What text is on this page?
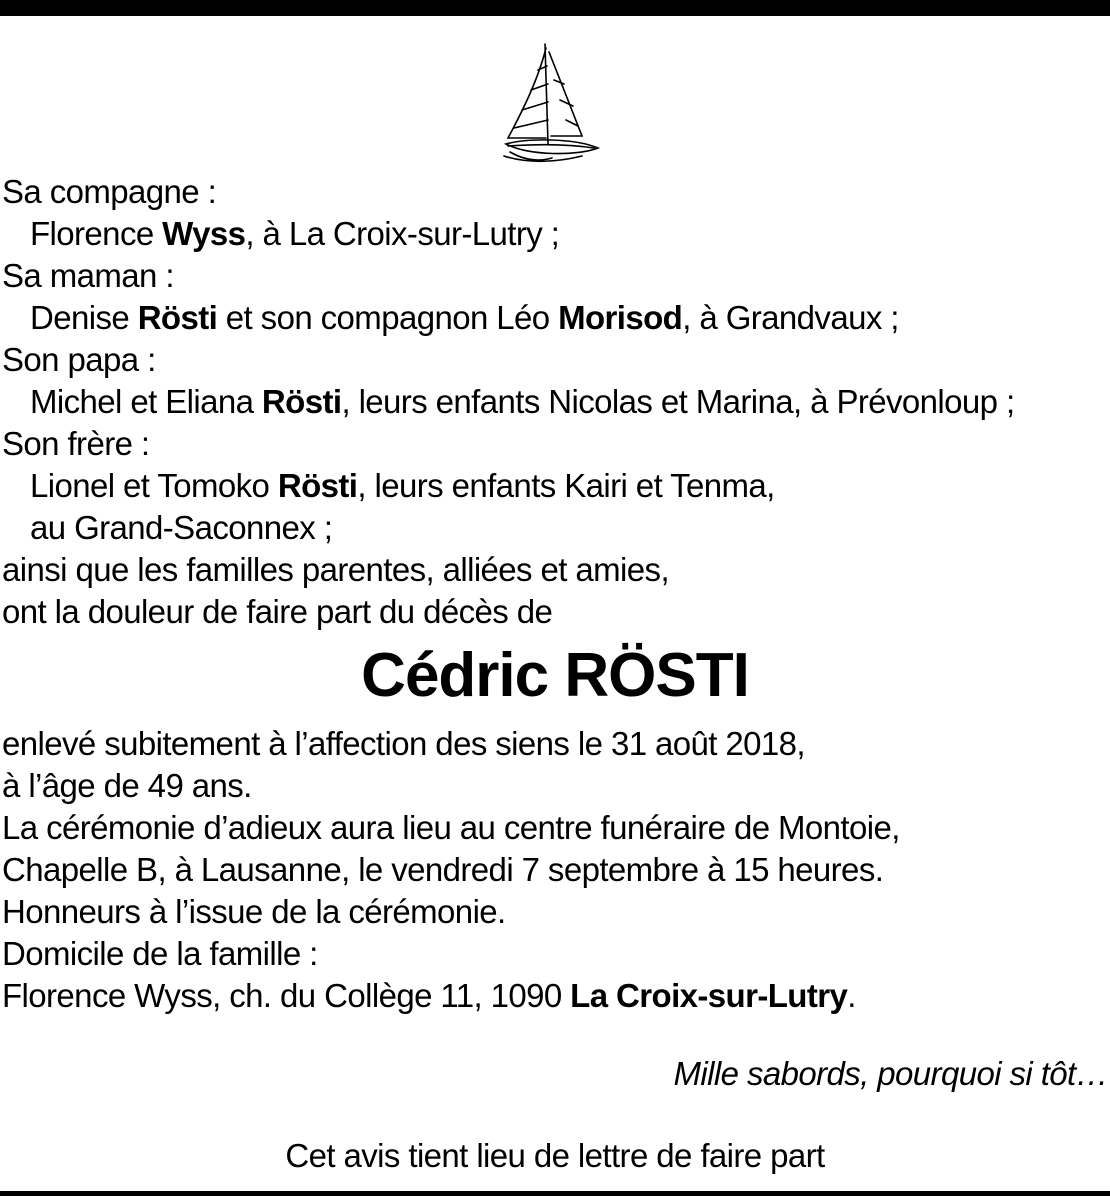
Sa compagne :
Florence Wyss, à La Croix-sur-Lutry ;
Sa maman :
Denise Rösti et son compagnon Léo Morisod, à Grandvaux ;
Son papa :
Michel et Eliana Rösti, leurs enfants Nicolas et Marina, à Prévonloup ;
Son frère :
Lionel et Tomoko Rösti, leurs enfants Kairi et Tenma,
au Grand-Saconnex ;
ainsi que les familles parentes, alliées et amies,
ont la douleur de faire part du décès de
Cédric RÖSTI
enlevé subitement à l’affection des siens le 31 août 2018,
à l’âge de 49 ans.
La cérémonie d’adieux aura lieu au centre funéraire de Montoie,
Chapelle B, à Lausanne, le vendredi 7 septembre à 15 heures.
Honneurs à l’issue de la cérémonie.
Domicile de la famille :
Florence Wyss, ch. du Collège 11, 1090 La Croix-sur-Lutry.
Mille sabords, pourquoi si tôt…
Cet avis tient lieu de lettre de faire part
